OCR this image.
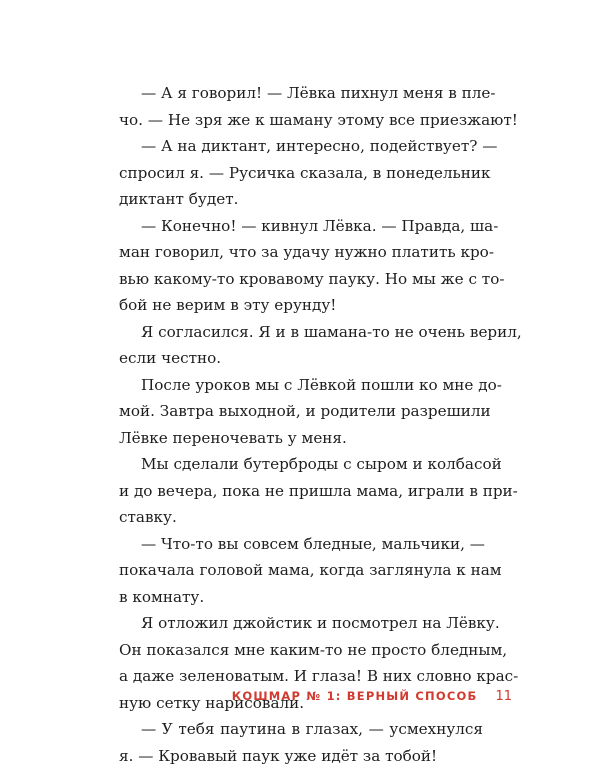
— А я говорил! — Лёвка пихнул меня в пле-
чо. — Не зря же к шаману этому все приезжают!
— А на диктант, интересно, подействует? —
спросил я. — Русичка сказала, в понедельник
диктант будет.
— Конечно! — кивнул Лёвка. — Правда, ша-
ман говорил, что за удачу нужно платить кро-
вью какому-то кровавому пауку. Но мы же с то-
бой не верим в эту ерунду!
Я согласился. Я и в шамана-то не очень верил,
если честно.
После уроков мы с Лёвкой пошли ко мне до-
мой. Завтра выходной, и родители разрешили
Лёвке переночевать у меня.
Мы сделали бутерброды с сыром и колбасой
и до вечера, пока не пришла мама, играли в при-
ставку.
— Что-то вы совсем бледные, мальчики, —
покачала головой мама, когда заглянула к нам
в комнату.
Я отложил джойстик и посмотрел на Лёвку.
Он показался мне каким-то не просто бледным,
а даже зеленоватым. И глаза! В них словно крас-
ную сетку нарисовали.
— У тебя паутина в глазах, — усмехнулся
я. — Кровавый паук уже идёт за тобой!
КОШМАР № 1: ВЕРНЫЙ СПОСОБ 11
